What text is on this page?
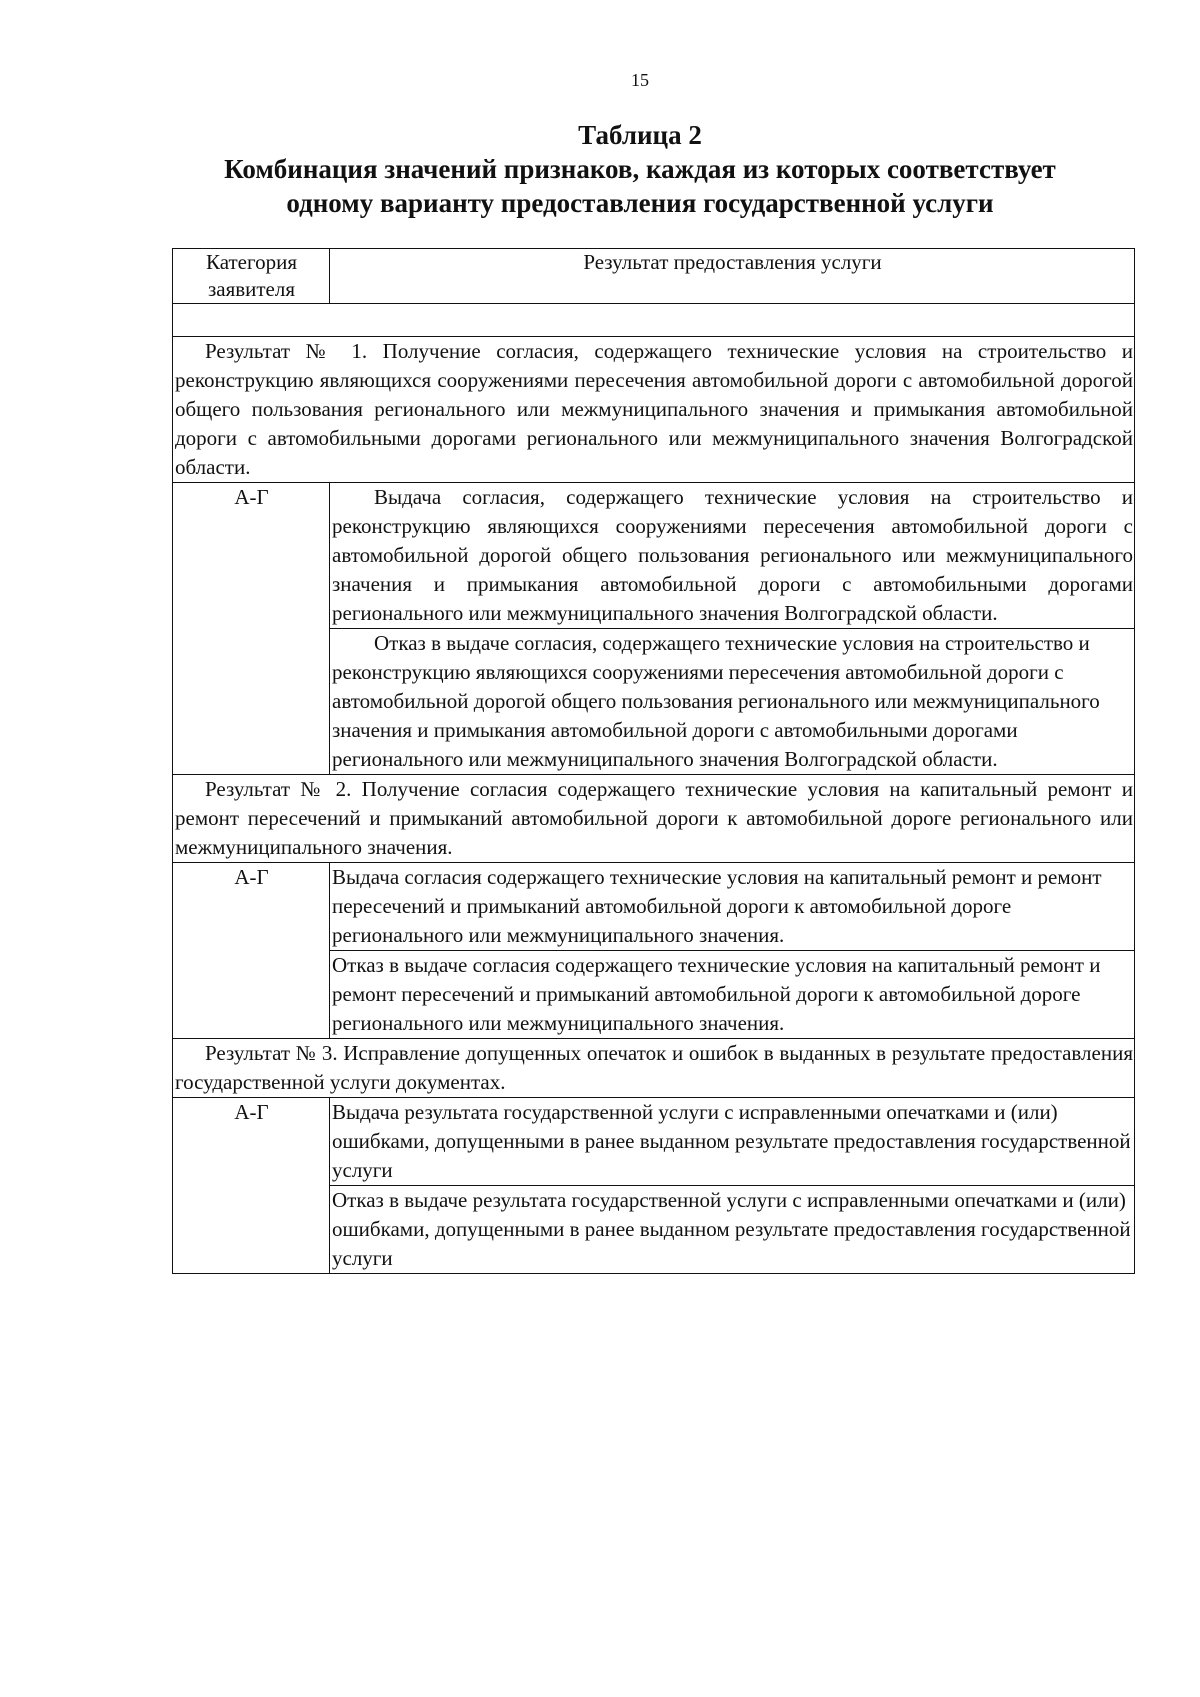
15
Таблица 2
Комбинация значений признаков, каждая из которых соответствует
одному варианту предоставления государственной услуги
Категория заявителя	Результат предоставления услуги

Результат № 1. Получение согласия, содержащего технические условия на строительство и реконструкцию являющихся сооружениями пересечения автомобильной дороги с автомобильной дорогой общего пользования регионального или межмуниципального значения и примыкания автомобильной дороги с автомобильными дорогами регионального или межмуниципального значения Волгоградской области.	
А-Г	Выдача согласия, содержащего технические условия на строительство и реконструкцию являющихся сооружениями пересечения автомобильной дороги с автомобильной дорогой общего пользования регионального или межмуниципального значения и примыкания автомобильной дороги с автомобильными дорогами регионального или межмуниципального значения Волгоградской области.
	Отказ в выдаче согласия, содержащего технические условия на строительство и реконструкцию являющихся сооружениями пересечения автомобильной дороги с автомобильной дорогой общего пользования регионального или межмуниципального значения и примыкания автомобильной дороги с автомобильными дорогами регионального или межмуниципального значения Волгоградской области.
Результат № 2. Получение согласия содержащего технические условия на капитальный ремонт и ремонт пересечений и примыканий автомобильной дороги к автомобильной дороге регионального или межмуниципального значения.	
А-Г	Выдача согласия содержащего технические условия на капитальный ремонт и ремонт пересечений и примыканий автомобильной дороги к автомобильной дороге регионального или межмуниципального значения.
	Отказ в выдаче согласия содержащего технические условия на капитальный ремонт и ремонт пересечений и примыканий автомобильной дороги к автомобильной дороге регионального или межмуниципального значения.
Результат № 3. Исправление допущенных опечаток и ошибок в выданных в результате предоставления государственной услуги документах.	
А-Г	Выдача результата государственной услуги с исправленными опечатками и (или) ошибками, допущенными в ранее выданном результате предоставления государственной услуги
	Отказ в выдаче результата государственной услуги с исправленными опечатками и (или) ошибками, допущенными в ранее выданном результате предоставления государственной услуги
